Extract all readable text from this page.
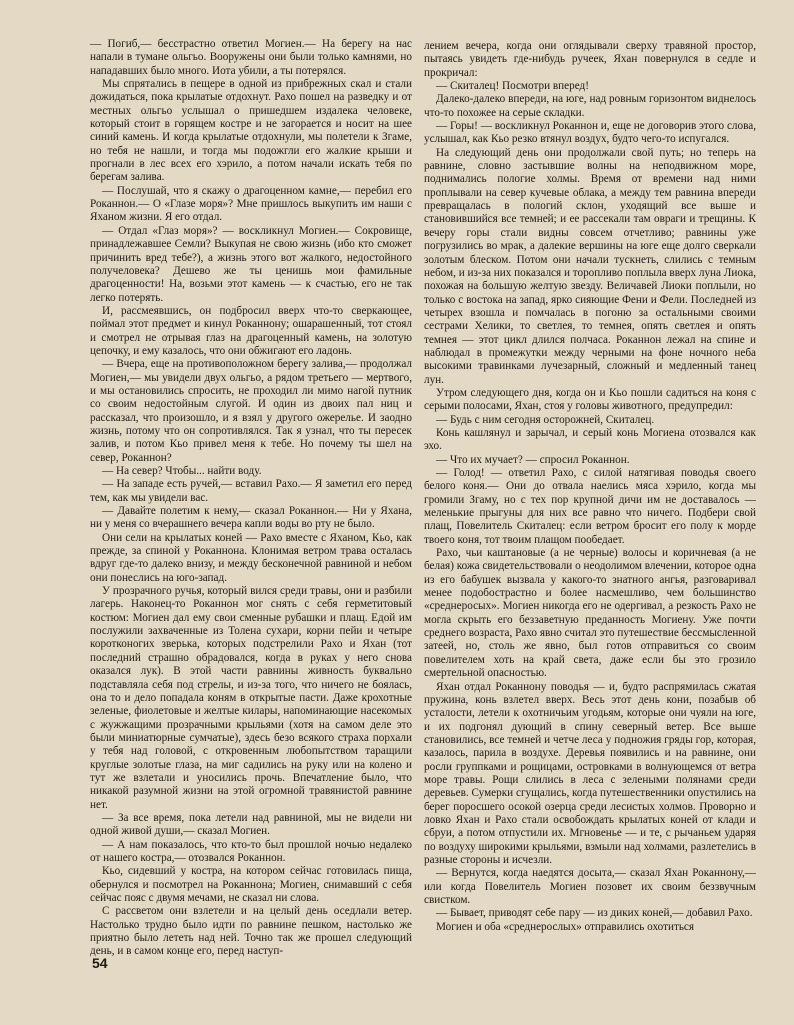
— Погиб,— бесстрастно ответил Могиен.— На берегу на нас напали в тумане ольгьо. Вооружены они были только камнями, но нападавших было много. Иота убили, а ты потерялся.

Мы спрятались в пещере в одной из прибрежных скал и стали дожидаться, пока крылатые отдохнут. Рахо пошел на разведку и от местных ольгьо услышал о пришедшем издалека человеке, который стоит в горящем костре и не загорается и носит на шее синий камень. И когда крылатые отдохнули, мы полетели к Згаме, но тебя не нашли, и тогда мы подожгли его жалкие крыши и прогнали в лес всех его хэрило, а потом начали искать тебя по берегам залива.

— Послушай, что я скажу о драгоценном камне,— перебил его Роканнон.— О «Глазе моря»? Мне пришлось выкупить им наши с Яханом жизни. Я его отдал.

— Отдал «Глаз моря»? — воскликнул Могиен.— Сокровище, принадлежавшее Семли? Выкупая не свою жизнь (ибо кто сможет причинить вред тебе?), а жизнь этого вот жалкого, недостойного получеловека? Дешево же ты ценишь мои фамильные драгоценности! На, возьми этот камень — к счастью, его не так легко потерять.

И, рассмеявшись, он подбросил вверх что-то сверкающее, поймал этот предмет и кинул Роканнону; ошарашенный, тот стоял и смотрел не отрывая глаз на драгоценный камень, на золотую цепочку, и ему казалось, что они обжигают его ладонь.

— Вчера, еще на противоположном берегу залива,— продолжал Могиен,— мы увидели двух ольгьо, а рядом третьего — мертвого, и мы остановились спросить, не проходил ли мимо нагой путник со своим недостойным слугой. И один из двоих пал ниц и рассказал, что произошло, и я взял у другого ожерелье. И заодно жизнь, потому что он сопротивлялся. Так я узнал, что ты пересек залив, и потом Кьо привел меня к тебе. Но почему ты шел на север, Роканнон?

— На север? Чтобы... найти воду.

— На западе есть ручей,— вставил Рахо.— Я заметил его перед тем, как мы увидели вас.

— Давайте полетим к нему,— сказал Роканнон.— Ни у Яхана, ни у меня со вчерашнего вечера капли воды во рту не было.

Они сели на крылатых коней — Рахо вместе с Яханом, Кьо, как прежде, за спиной у Роканнона. Клонимая ветром трава осталась вдруг где-то далеко внизу, и между бесконечной равниной и небом они понеслись на юго-запад.

У прозрачного ручья, который вился среди травы, они и разбили лагерь. Наконец-то Роканнон мог снять с себя герметитовый костюм: Могиен дал ему свои сменные рубашки и плащ. Едой им послужили захваченные из Толена сухари, корни пейи и четыре коротконогих зверька, которых подстрелили Рахо и Яхан (тот последний страшно обрадовался, когда в руках у него снова оказался лук). В этой части равнины живность буквально подставляла себя под стрелы, и из-за того, что ничего не боялась, она то и дело попадала коням в открытые пасти. Даже крохотные зеленые, фиолетовые и желтые килары, напоминающие насекомых с жужжащими прозрачными крыльями (хотя на самом деле это были миниатюрные сумчатые), здесь безо всякого страха порхали у тебя над головой, с откровенным любопытством таращили круглые золотые глаза, на миг садились на руку или на колено и тут же взлетали и уносились прочь. Впечатление было, что никакой разумной жизни на этой огромной травянистой равнине нет.

— За все время, пока летели над равниной, мы не видели ни одной живой души,— сказал Могиен.

— А нам показалось, что кто-то был прошлой ночью недалеко от нашего костра,— отозвался Роканнон.

Кьо, сидевший у костра, на котором сейчас готовилась пища, обернулся и посмотрел на Роканнона; Могиен, снимавший с себя сейчас пояс с двумя мечами, не сказал ни слова.

С рассветом они взлетели и на целый день оседлали ветер. Настолько трудно было идти по равнине пешком, настолько же приятно было лететь над ней. Точно так же прошел следующий день, и в самом конце его, перед наступ-

лением вечера, когда они оглядывали сверху травяной простор, пытаясь увидеть где-нибудь ручеек, Яхан повернулся в седле и прокричал:

— Скиталец! Посмотри вперед!

Далеко-далеко впереди, на юге, над ровным горизонтом виднелось что-то похожее на серые складки.

— Горы! — воскликнул Роканнон и, еще не договорив этого слова, услышал, как Кьо резко втянул воздух, будто чего-то испугался.

На следующий день они продолжали свой путь; но теперь на равнине, словно застывшие волны на неподвижном море, поднимались пологие холмы. Время от времени над ними проплывали на север кучевые облака, а между тем равнина впереди превращалась в пологий склон, уходящий все выше и становившийся все темней; и ее рассекали там овраги и трещины. К вечеру горы стали видны совсем отчетливо; равнины уже погрузились во мрак, а далекие вершины на юге еще долго сверкали золотым блеском. Потом они начали тускнеть, слились с темным небом, и из-за них показался и торопливо поплыла вверх луна Лиока, похожая на большую желтую звезду. Величавей Лиоки поплыли, но только с востока на запад, ярко сияющие Фени и Фели. Последней из четырех взошла и помчалась в погоню за остальными своими сестрами Хелики, то светлея, то темнея, опять светлея и опять темнея — этот цикл длился полчаса. Роканнон лежал на спине и наблюдал в промежутки между черными на фоне ночного неба высокими травинками лучезарный, сложный и медленный танец лун.

Утром следующего дня, когда он и Кьо пошли садиться на коня с серыми полосами, Яхан, стоя у головы животного, предупредил:

— Будь с ним сегодня осторожней, Скиталец.

Конь кашлянул и зарычал, и серый конь Могиена отозвался как эхо.

— Что их мучает? — спросил Роканнон.

— Голод! — ответил Рахо, с силой натягивая поводья своего белого коня.— Они до отвала наелись мяса хэрило, когда мы громили Згаму, но с тех пор крупной дичи им не доставалось — меленькие прыгуны для них все равно что ничего. Подбери свой плащ, Повелитель Скиталец: если ветром бросит его полу к морде твоего коня, тот твоим плащом пообедает.

Рахо, чьи каштановые (а не черные) волосы и коричневая (а не белая) кожа свидетельствовали о неодолимом влечении, которое одна из его бабушек вызвала у какого-то знатного ангья, разговаривал менее подобострастно и более насмешливо, чем большинство «среднеросых». Могиен никогда его не одергивал, а резкость Рахо не могла скрыть его беззаветную преданность Могиену. Уже почти среднего возраста, Рахо явно считал это путешествие бессмысленной затеей, но, столь же явно, был готов отправиться со своим повелителем хоть на край света, даже если бы это грозило смертельной опасностью.

Яхан отдал Роканнону поводья — и, будто распрямилась сжатая пружина, конь взлетел вверх. Весь этот день кони, позабыв об усталости, летели к охотничьим угодьям, которые они чуяли на юге, и их подгонял дующий в спину северный ветер. Все выше становились, все темней и четче леса у подножия гряды гор, которая, казалось, парила в воздухе. Деревья появились и на равнине, они росли группками и рощицами, островками в волнующемся от ветра море травы. Рощи слились в леса с зелеными полянами среди деревьев. Сумерки сгущались, когда путешественники опустились на берег поросшего осокой озерца среди лесистых холмов. Проворно и ловко Яхан и Рахо стали освобождать крылатых коней от клади и сбруи, а потом отпустили их. Мгновенье — и те, с рычаньем ударяя по воздуху широкими крыльями, взмыли над холмами, разлетелись в разные стороны и исчезли.

— Вернутся, когда наедятся досыта,— сказал Яхан Роканнону,— или когда Повелитель Могиен позовет их своим беззвучным свистком.

— Бывает, приводят себе пару — из диких коней,— добавил Рахо.

Могиен и оба «среднерослых» отправились охотиться

54
